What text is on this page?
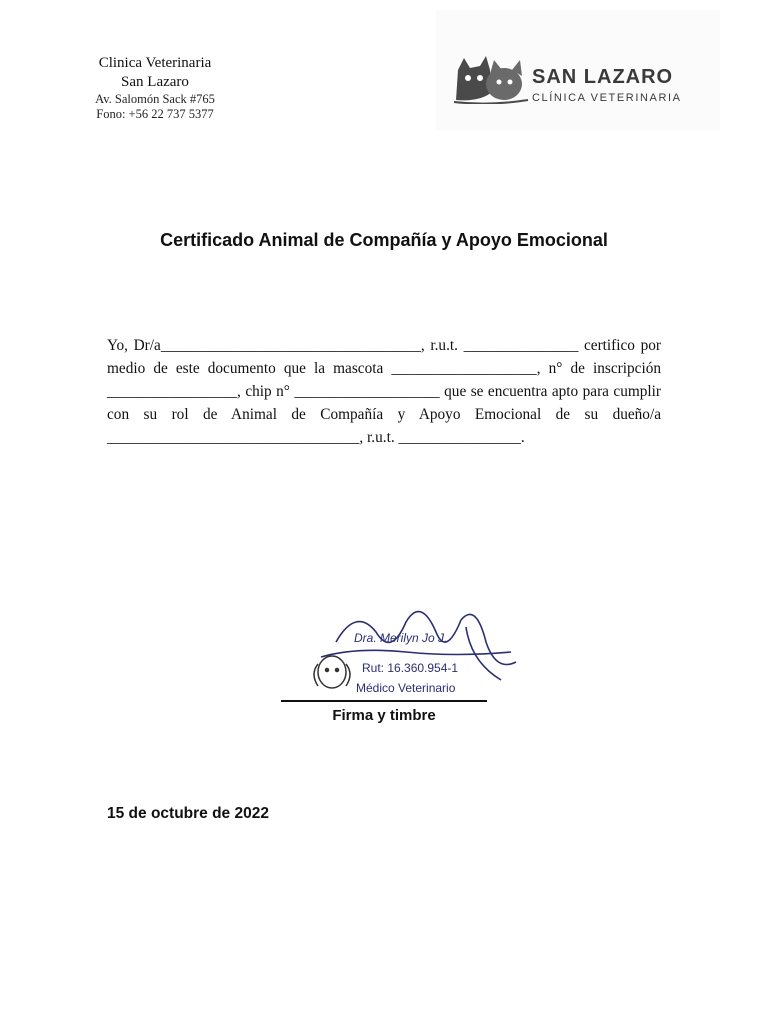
Clinica Veterinaria
San Lazaro
Av. Salomón Sack #765
Fono: +56 22 737 5377
SAN LAZARO
CLÍNICA VETERINARIA
Certificado Animal de Compañía y Apoyo Emocional
Yo, Dr/a__________________________________, r.u.t. _______________ certifico por medio de este documento que la mascota ___________________, n° de inscripción _________________, chip n° ___________________ que se encuentra apto para cumplir con su rol de Animal de Compañía y Apoyo Emocional de su dueño/a _________________________________, r.u.t. ________________.
Dra. Merilyn Jo J.
Rut: 16.360.954-1
Médico Veterinario
Firma y timbre
15 de octubre de 2022
